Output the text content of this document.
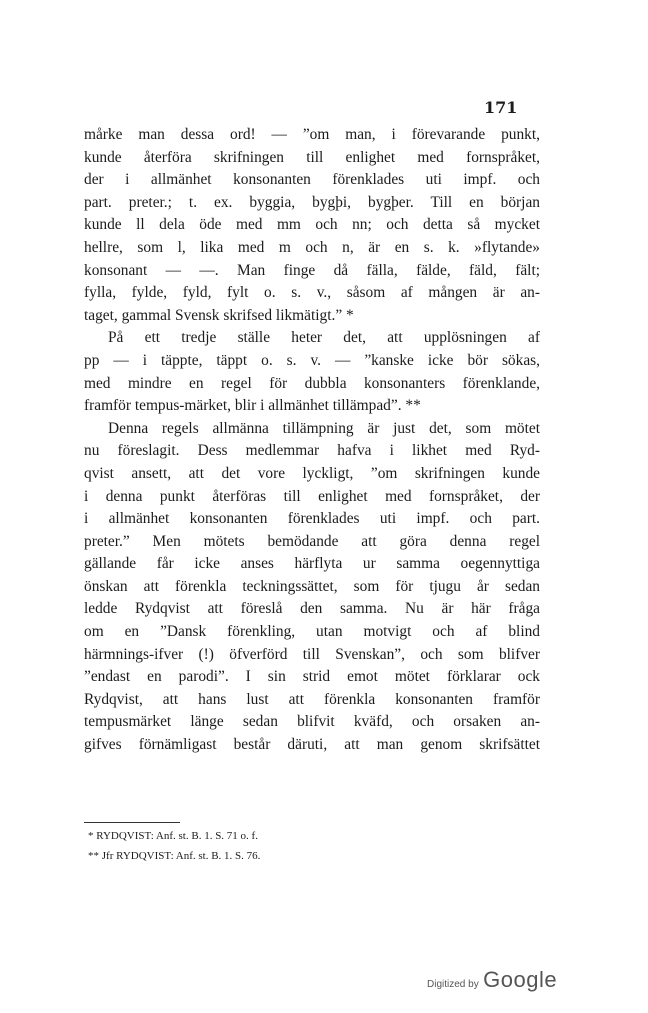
171
mårke man dessa ord! — ”om man, i förevarande punkt,
kunde återföra skrifningen till enlighet med fornspråket,
der i allmänhet konsonanten förenklades uti impf. och
part. preter.; t. ex. byggia, bygþi, bygþer. Till en början
kunde ll dela öde med mm och nn; och detta så mycket
hellre, som l, lika med m och n, är en s. k. »flytande»
konsonant — —. Man finge då fälla, fälde, fäld, fält;
fylla, fylde, fyld, fylt o. s. v., såsom af mången är an-
taget, gammal Svensk skrifsed likmätigt.” *
På ett tredje ställe heter det, att upplösningen af
pp — i täppte, täppt o. s. v. — ”kanske icke bör sökas,
med mindre en regel för dubbla konsonanters förenklande,
framför tempus-märket, blir i allmänhet tillämpad”. **
Denna regels allmänna tillämpning är just det, som mötet
nu föreslagit. Dess medlemmar hafva i likhet med Ryd-
qvist ansett, att det vore lyckligt, ”om skrifningen kunde
i denna punkt återföras till enlighet med fornspråket, der
i allmänhet konsonanten förenklades uti impf. och part.
preter.” Men mötets bemödande att göra denna regel
gällande får icke anses härflyta ur samma oegennyttiga
önskan att förenkla teckningssättet, som för tjugu år sedan
ledde Rydqvist att föreslå den samma. Nu är här fråga
om en ”Dansk förenkling, utan motvigt och af blind
härmnings-ifver (!) öfverförd till Svenskan”, och som blifver
”endast en parodi”. I sin strid emot mötet förklarar ock
Rydqvist, att hans lust att förenkla konsonanten framför
tempusmärket länge sedan blifvit kväfd, och orsaken an-
gifves förnämligast består däruti, att man genom skrifsättet
* RYDQVIST: Anf. st. B. 1. S. 71 o. f.
** Jfr RYDQVIST: Anf. st. B. 1. S. 76.
Digitized by Google
